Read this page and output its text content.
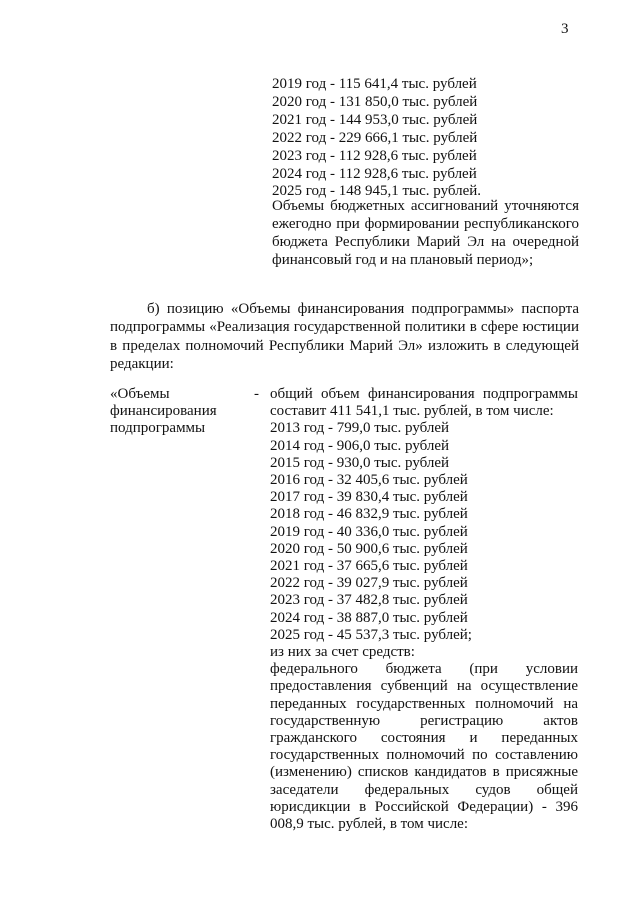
3
2019 год - 115 641,4 тыс. рублей
2020 год - 131 850,0 тыс. рублей
2021 год - 144 953,0 тыс. рублей
2022 год - 229 666,1 тыс. рублей
2023 год - 112 928,6 тыс. рублей
2024 год - 112 928,6 тыс. рублей
2025 год - 148 945,1 тыс. рублей.
Объемы бюджетных ассигнований уточняются ежегодно при формировании республиканского бюджета Республики Марий Эл на очередной финансовый год и на плановый период»;
б) позицию «Объемы финансирования подпрограммы» паспорта подпрограммы «Реализация государственной политики в сфере юстиции в пределах полномочий Республики Марий Эл» изложить в следующей редакции:
«Объемы
финансирования
подпрограммы
- общий объем финансирования подпрограммы составит 411 541,1 тыс. рублей, в том числе:
2013 год - 799,0 тыс. рублей
2014 год - 906,0 тыс. рублей
2015 год - 930,0 тыс. рублей
2016 год - 32 405,6 тыс. рублей
2017 год - 39 830,4 тыс. рублей
2018 год - 46 832,9 тыс. рублей
2019 год - 40 336,0 тыс. рублей
2020 год - 50 900,6 тыс. рублей
2021 год - 37 665,6 тыс. рублей
2022 год - 39 027,9 тыс. рублей
2023 год - 37 482,8 тыс. рублей
2024 год - 38 887,0 тыс. рублей
2025 год - 45 537,3 тыс. рублей;
из них за счет средств:
федерального бюджета (при условии предоставления субвенций на осуществление переданных государственных полномочий на государственную регистрацию актов гражданского состояния и переданных государственных полномочий по составлению (изменению) списков кандидатов в присяжные заседатели федеральных судов общей юрисдикции в Российской Федерации) - 396 008,9 тыс. рублей, в том числе:
